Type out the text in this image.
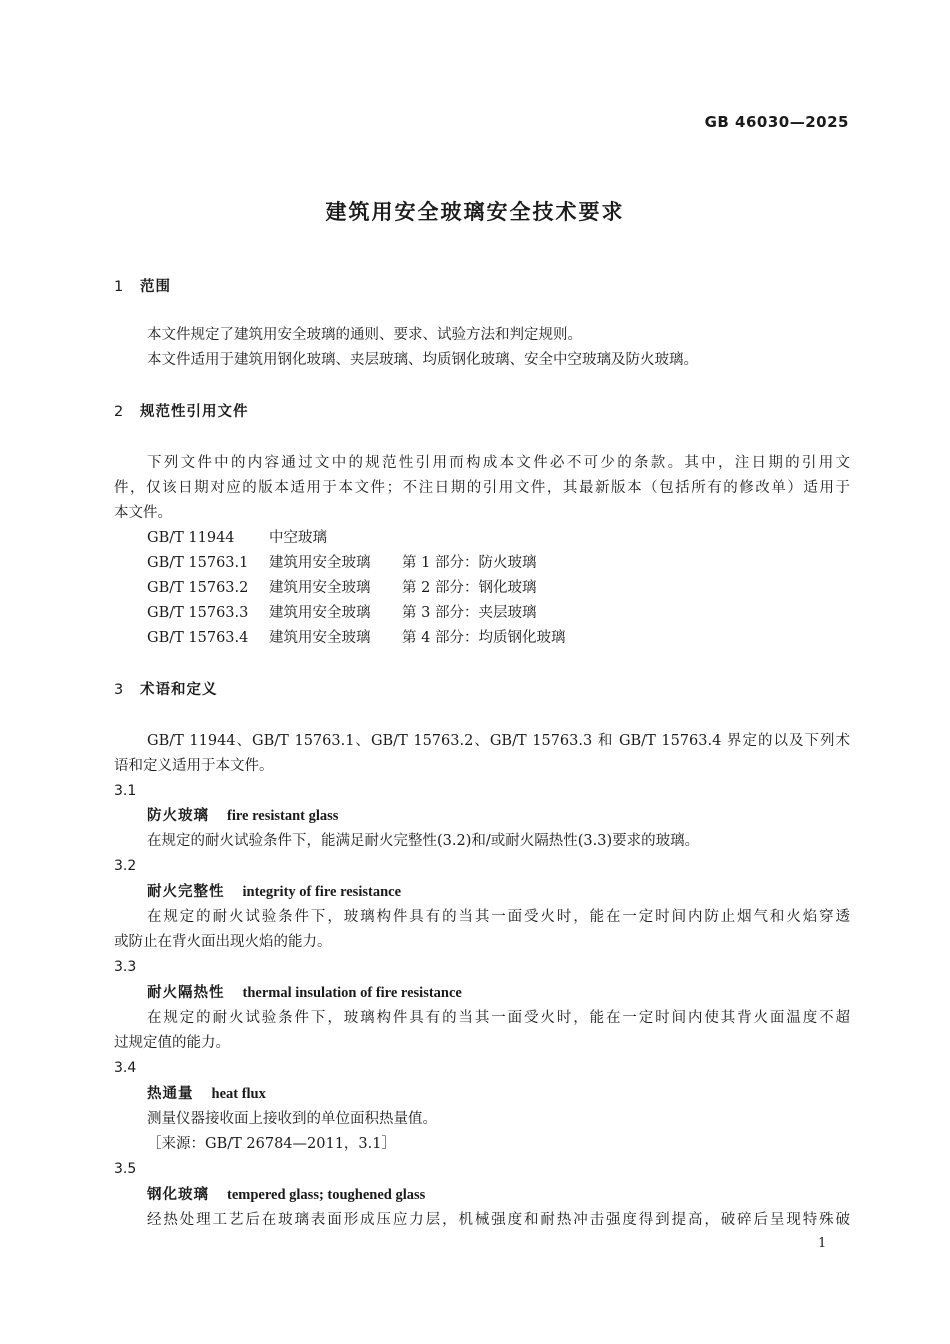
GB 46030—2025
建筑用安全玻璃安全技术要求
1 范围
本文件规定了建筑用安全玻璃的通则、要求、试验方法和判定规则。
本文件适用于建筑用钢化玻璃、夹层玻璃、均质钢化玻璃、安全中空玻璃及防火玻璃。
2 规范性引用文件
下列文件中的内容通过文中的规范性引用而构成本文件必不可少的条款。其中，注日期的引用文
件，仅该日期对应的版本适用于本文件；不注日期的引用文件，其最新版本（包括所有的修改单）适用于
本文件。
GB/T 11944 中空玻璃
GB/T 15763.1 建筑用安全玻璃 第 1 部分：防火玻璃
GB/T 15763.2 建筑用安全玻璃 第 2 部分：钢化玻璃
GB/T 15763.3 建筑用安全玻璃 第 3 部分：夹层玻璃
GB/T 15763.4 建筑用安全玻璃 第 4 部分：均质钢化玻璃
3 术语和定义
GB/T 11944、GB/T 15763.1、GB/T 15763.2、GB/T 15763.3 和 GB/T 15763.4 界定的以及下列术
语和定义适用于本文件。
3.1
防火玻璃 fire resistant glass
在规定的耐火试验条件下，能满足耐火完整性(3.2)和/或耐火隔热性(3.3)要求的玻璃。
3.2
耐火完整性 integrity of fire resistance
在规定的耐火试验条件下，玻璃构件具有的当其一面受火时，能在一定时间内防止烟气和火焰穿透
或防止在背火面出现火焰的能力。
3.3
耐火隔热性 thermal insulation of fire resistance
在规定的耐火试验条件下，玻璃构件具有的当其一面受火时，能在一定时间内使其背火面温度不超
过规定值的能力。
3.4
热通量 heat flux
测量仪器接收面上接收到的单位面积热量值。
［来源：GB/T 26784—2011，3.1］
3.5
钢化玻璃 tempered glass; toughened glass
经热处理工艺后在玻璃表面形成压应力层，机械强度和耐热冲击强度得到提高，破碎后呈现特殊破
1
